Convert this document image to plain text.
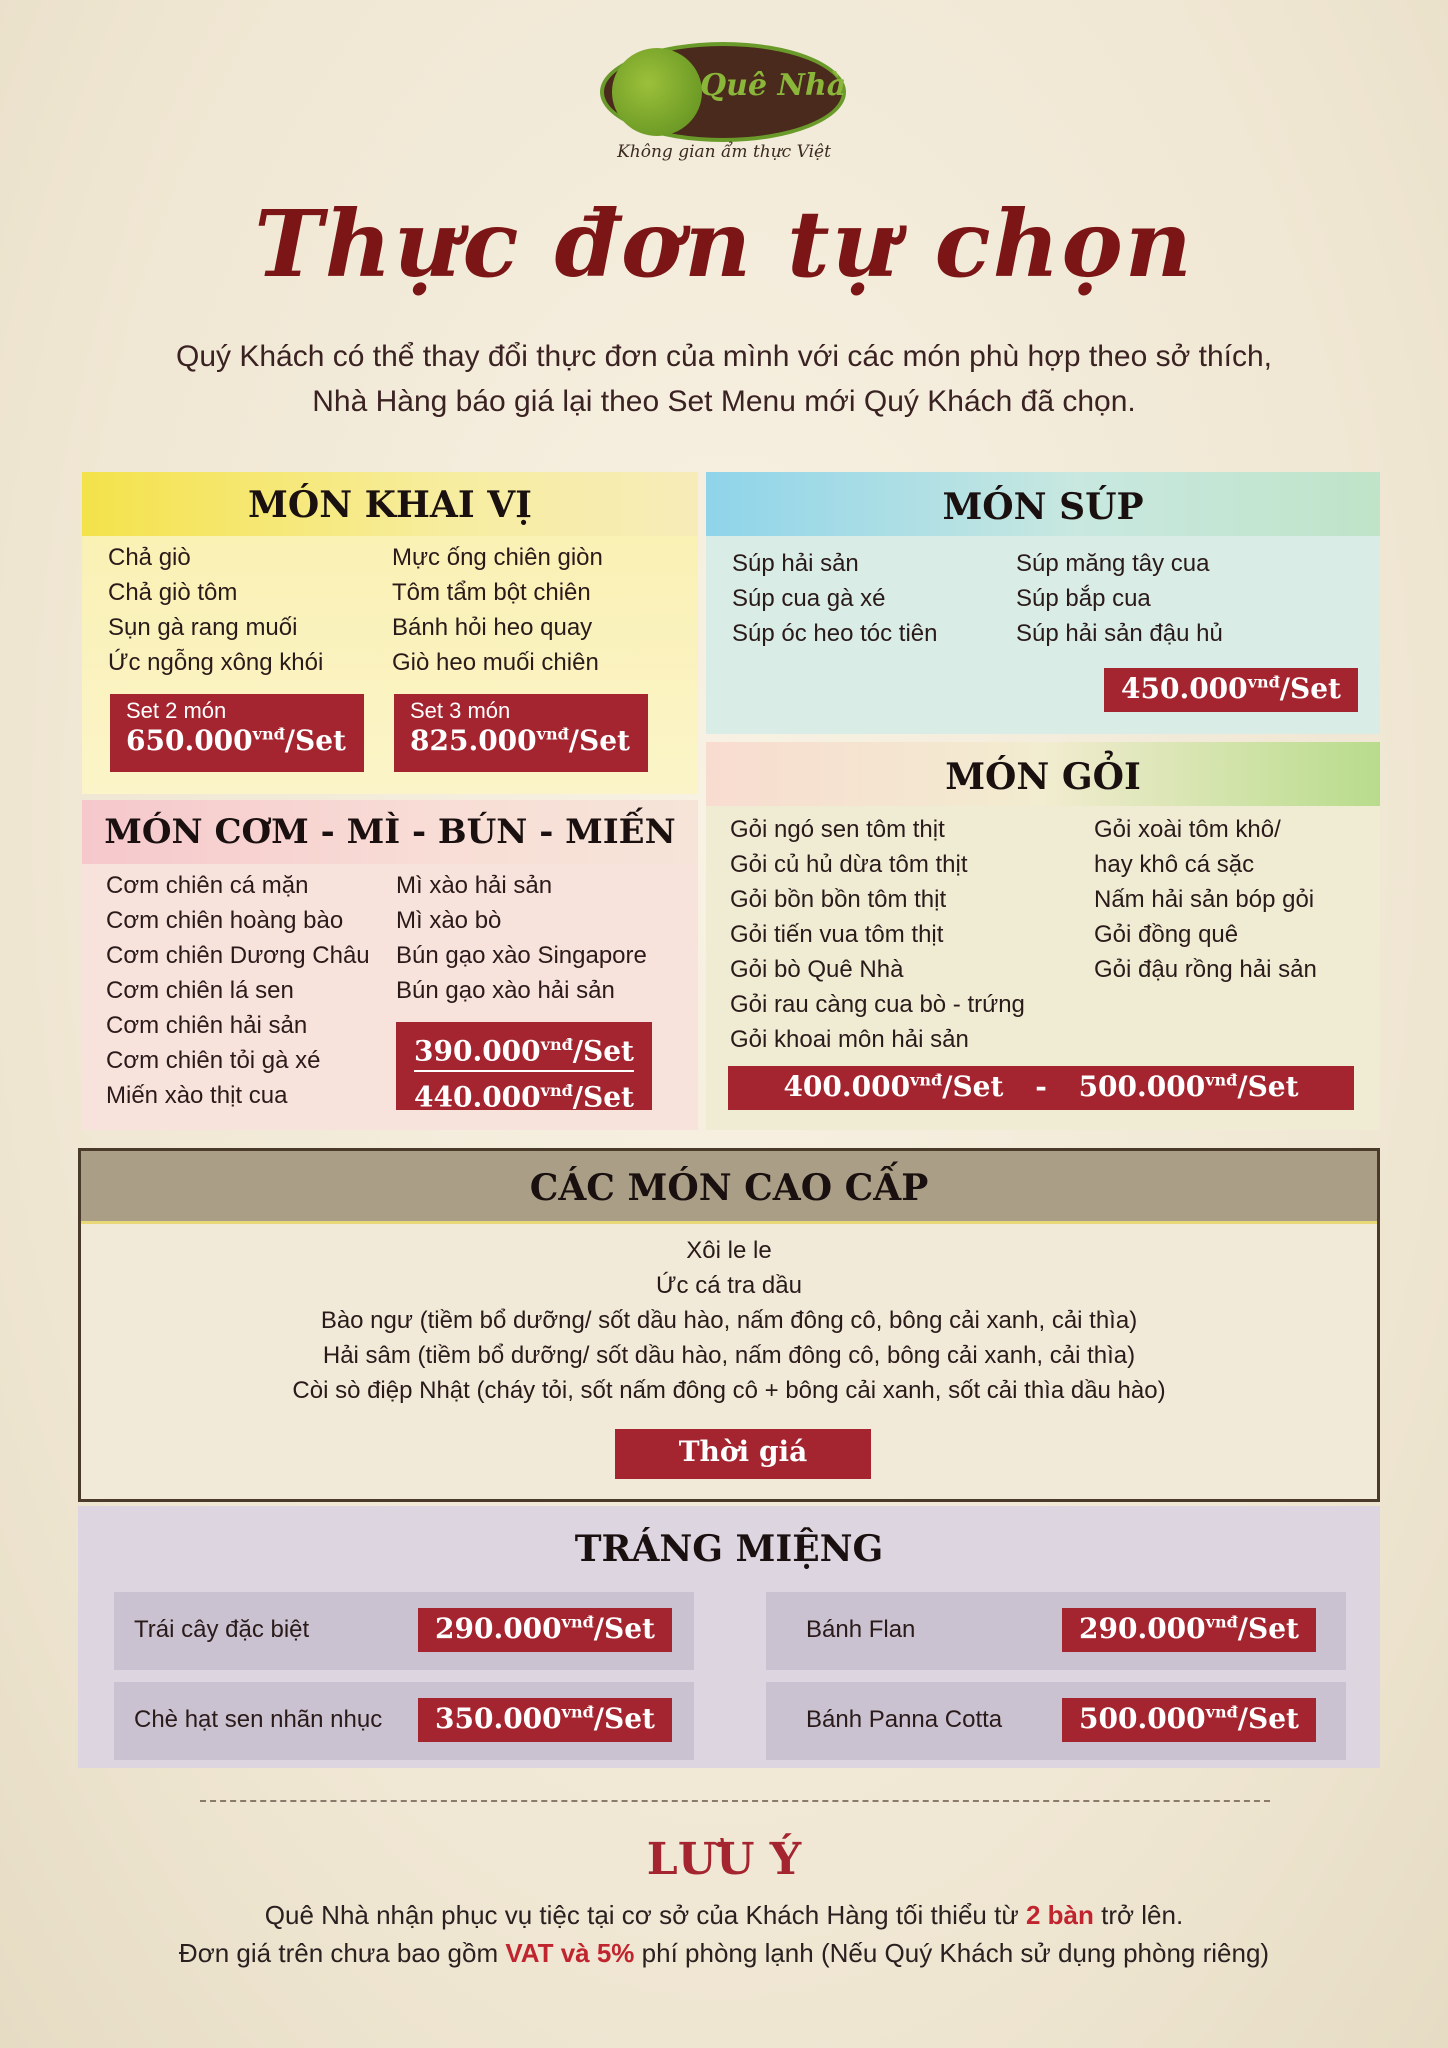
Quê Nhà
Không gian ẩm thực Việt
Thực đơn tự chọn
Quý Khách có thể thay đổi thực đơn của mình với các món phù hợp theo sở thích,
Nhà Hàng báo giá lại theo Set Menu mới Quý Khách đã chọn.
MÓN KHAI VỊ
Chả giò
Chả giò tôm
Sụn gà rang muối
Ức ngỗng xông khói
Mực ống chiên giòn
Tôm tẩm bột chiên
Bánh hỏi heo quay
Giò heo muối chiên
Set 2 món
$650.000^{vnđ}$/Set
Set 3 món
$825.000^{vnđ}$/Set
MÓN SÚP
Súp hải sản
Súp cua gà xé
Súp óc heo tóc tiên
Súp măng tây cua
Súp bắp cua
Súp hải sản đậu hủ
$450.000^{vnđ}$/Set
MÓN CƠM - MÌ - BÚN - MIẾN
Cơm chiên cá mặn
Cơm chiên hoàng bào
Cơm chiên Dương Châu
Cơm chiên lá sen
Cơm chiên hải sản
Cơm chiên tỏi gà xé
Miến xào thịt cua
Mì xào hải sản
Mì xào bò
Bún gạo xào Singapore
Bún gạo xào hải sản
$390.000^{vnđ}$/Set
$440.000^{vnđ}$/Set
MÓN GỎI
Gỏi ngó sen tôm thịt
Gỏi củ hủ dừa tôm thịt
Gỏi bồn bồn tôm thịt
Gỏi tiến vua tôm thịt
Gỏi bò Quê Nhà
Gỏi rau càng cua bò - trứng
Gỏi khoai môn hải sản
Gỏi xoài tôm khô/
hay khô cá sặc
Nấm hải sản bóp gỏi
Gỏi đồng quê
Gỏi đậu rồng hải sản
$400.000^{vnđ}$/Set - $500.000^{vnđ}$/Set
CÁC MÓN CAO CẤP
Xôi le le
Ức cá tra dầu
Bào ngư (tiềm bổ dưỡng/ sốt dầu hào, nấm đông cô, bông cải xanh, cải thìa)
Hải sâm (tiềm bổ dưỡng/ sốt dầu hào, nấm đông cô, bông cải xanh, cải thìa)
Còi sò điệp Nhật (cháy tỏi, sốt nấm đông cô + bông cải xanh, sốt cải thìa dầu hào)
Thời giá
TRÁNG MIỆNG
Trái cây đặc biệt	$290.000^{vnđ}$/Set	Bánh Flan	$290.000^{vnđ}$/Set
Chè hạt sen nhãn nhục	$350.000^{vnđ}$/Set	Bánh Panna Cotta	$500.000^{vnđ}$/Set
LƯU Ý
Quê Nhà nhận phục vụ tiệc tại cơ sở của Khách Hàng tối thiểu từ 2 bàn trở lên.
Đơn giá trên chưa bao gồm VAT và 5% phí phòng lạnh (Nếu Quý Khách sử dụng phòng riêng)
